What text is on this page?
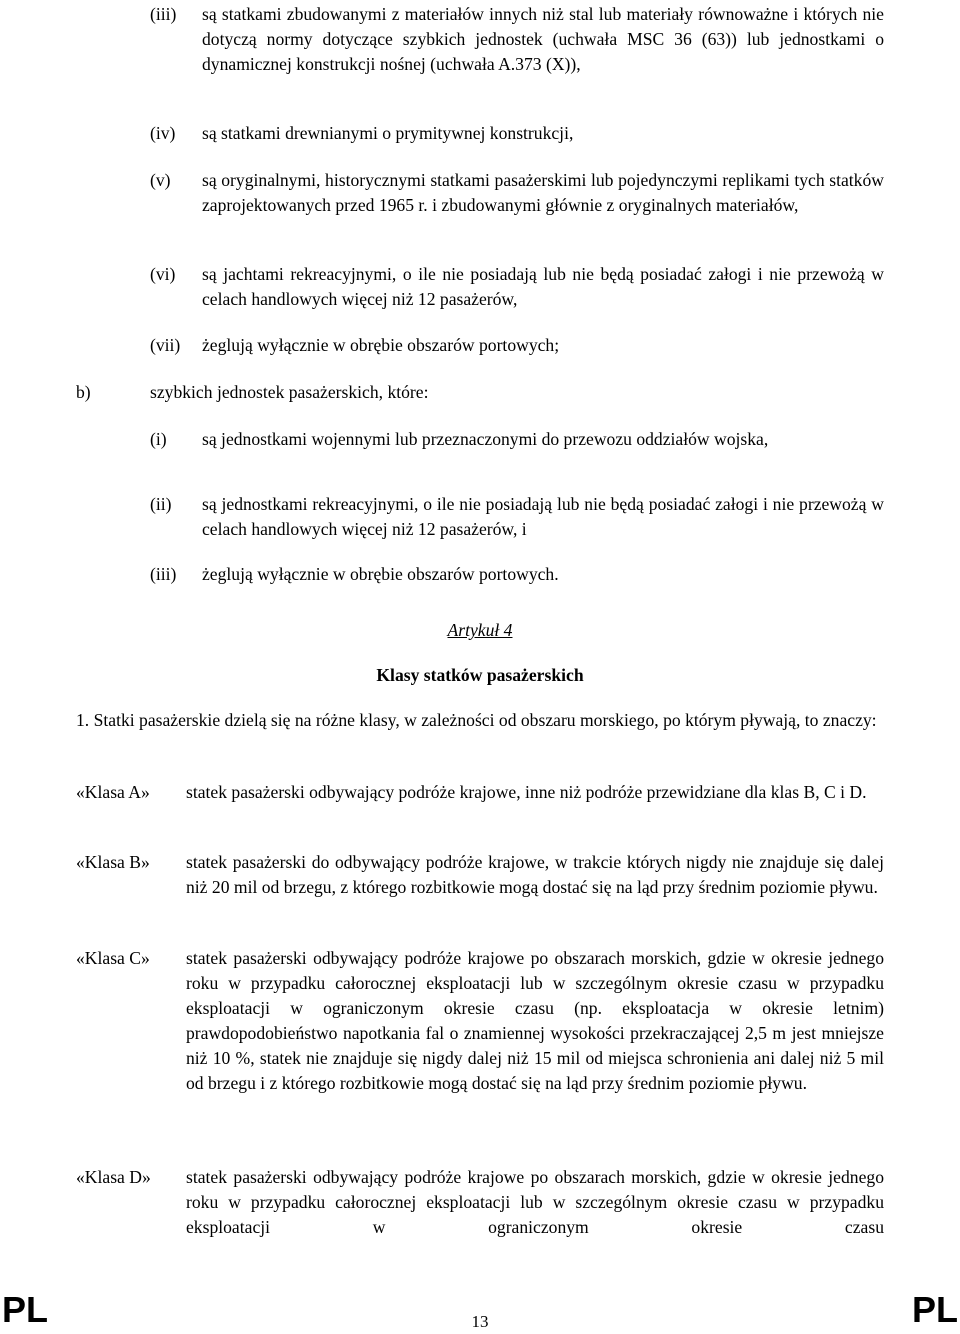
(iii) są statkami zbudowanymi z materiałów innych niż stal lub materiały równoważne i których nie dotyczą normy dotyczące szybkich jednostek (uchwała MSC 36 (63)) lub jednostkami o dynamicznej konstrukcji nośnej (uchwała A.373 (X)),
(iv) są statkami drewnianymi o prymitywnej konstrukcji,
(v) są oryginalnymi, historycznymi statkami pasażerskimi lub pojedynczymi replikami tych statków zaprojektowanych przed 1965 r. i zbudowanymi głównie z oryginalnych materiałów,
(vi) są jachtami rekreacyjnymi, o ile nie posiadają lub nie będą posiadać załogi i nie przewożą w celach handlowych więcej niż 12 pasażerów,
(vii) żeglują wyłącznie w obrębie obszarów portowych;
b)	szybkich jednostek pasażerskich, które:
(i) są jednostkami wojennymi lub przeznaczonymi do przewozu oddziałów wojska,
(ii) są jednostkami rekreacyjnymi, o ile nie posiadają lub nie będą posiadać załogi i nie przewożą w celach handlowych więcej niż 12 pasażerów, i
(iii) żeglują wyłącznie w obrębie obszarów portowych.
Artykuł 4
Klasy statków pasażerskich
1. Statki pasażerskie dzielą się na różne klasy, w zależności od obszaru morskiego, po którym pływają, to znaczy:
«Klasa A» statek pasażerski odbywający podróże krajowe, inne niż podróże przewidziane dla klas B, C i D.
«Klasa B» statek pasażerski do odbywający podróże krajowe, w trakcie których nigdy nie znajduje się dalej niż 20 mil od brzegu, z którego rozbitkowie mogą dostać się na ląd przy średnim poziomie pływu.
«Klasa C» statek pasażerski odbywający podróże krajowe po obszarach morskich, gdzie w okresie jednego roku w przypadku całorocznej eksploatacji lub w szczególnym okresie czasu w przypadku eksploatacji w ograniczonym okresie czasu (np. eksploatacja w okresie letnim) prawdopodobieństwo napotkania fal o znamiennej wysokości przekraczającej 2,5 m jest mniejsze niż 10 %, statek nie znajduje się nigdy dalej niż 15 mil od miejsca schronienia ani dalej niż 5 mil od brzegu i z którego rozbitkowie mogą dostać się na ląd przy średnim poziomie pływu.
«Klasa D» statek pasażerski odbywający podróże krajowe po obszarach morskich, gdzie w okresie jednego roku w przypadku całorocznej eksploatacji lub w szczególnym okresie czasu w przypadku eksploatacji w ograniczonym okresie czasu
PL	13	PL
